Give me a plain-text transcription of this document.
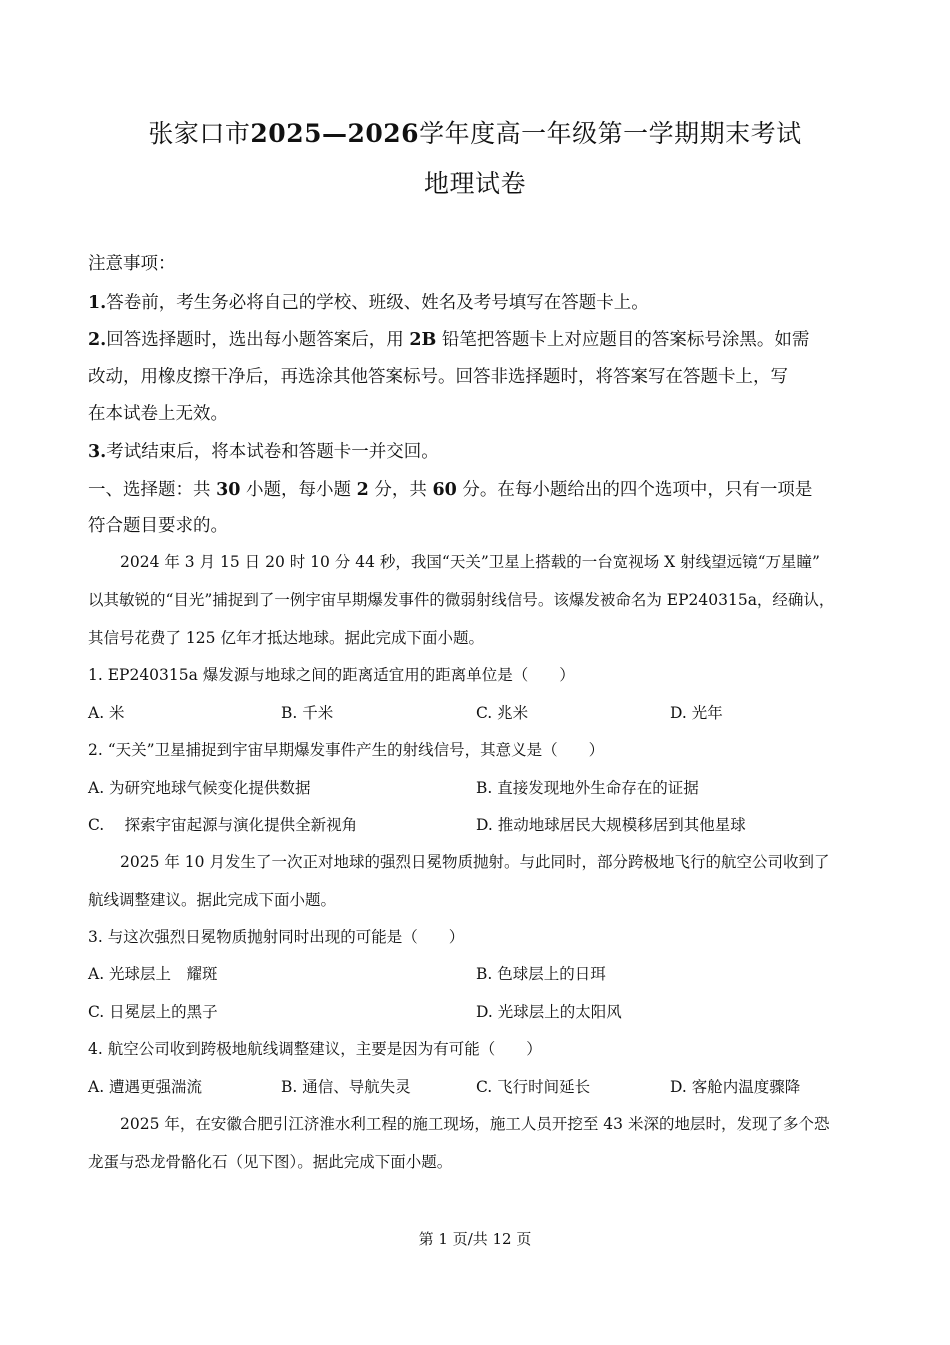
张家口市2025—2026学年度高一年级第一学期期末考试
地理试卷
注意事项：
1.答卷前，考生务必将自己的学校、班级、姓名及考号填写在答题卡上。
2.回答选择题时，选出每小题答案后，用 2B 铅笔把答题卡上对应题目的答案标号涂黑。如需
改动，用橡皮擦干净后，再选涂其他答案标号。回答非选择题时，将答案写在答题卡上，写
在本试卷上无效。
3.考试结束后，将本试卷和答题卡一并交回。
一、选择题：共 30 小题，每小题 2 分，共 60 分。在每小题给出的四个选项中，只有一项是
符合题目要求的。
2024 年 3 月 15 日 20 时 10 分 44 秒，我国“天关”卫星上搭载的一台宽视场 X 射线望远镜“万星瞳”
以其敏锐的“目光”捕捉到了一例宇宙早期爆发事件的微弱射线信号。该爆发被命名为 EP240315a，经确认，
其信号花费了 125 亿年才抵达地球。据此完成下面小题。
1. EP240315a 爆发源与地球之间的距离适宜用的距离单位是（　　）
A. 米	B. 千米	C. 兆米	D. 光年
2. “天关”卫星捕捉到宇宙早期爆发事件产生的射线信号，其意义是（　　）
A. 为研究地球气候变化提供数据	B. 直接发现地外生命存在的证据
C.　 探索宇宙起源与演化提供全新视角	D. 推动地球居民大规模移居到其他星球
2025 年 10 月发生了一次正对地球的强烈日冕物质抛射。与此同时，部分跨极地飞行的航空公司收到了
航线调整建议。据此完成下面小题。
3. 与这次强烈日冕物质抛射同时出现的可能是（　　）
A. 光球层上　耀斑	B. 色球层上的日珥
C. 日冕层上的黑子	D. 光球层上的太阳风
4. 航空公司收到跨极地航线调整建议，主要是因为有可能（　　）
A. 遭遇更强湍流	B. 通信、导航失灵	C. 飞行时间延长	D. 客舱内温度骤降
2025 年，在安徽合肥引江济淮水利工程的施工现场，施工人员开挖至 43 米深的地层时，发现了多个恐
龙蛋与恐龙骨骼化石（见下图）。据此完成下面小题。
第 1 页/共 12 页
